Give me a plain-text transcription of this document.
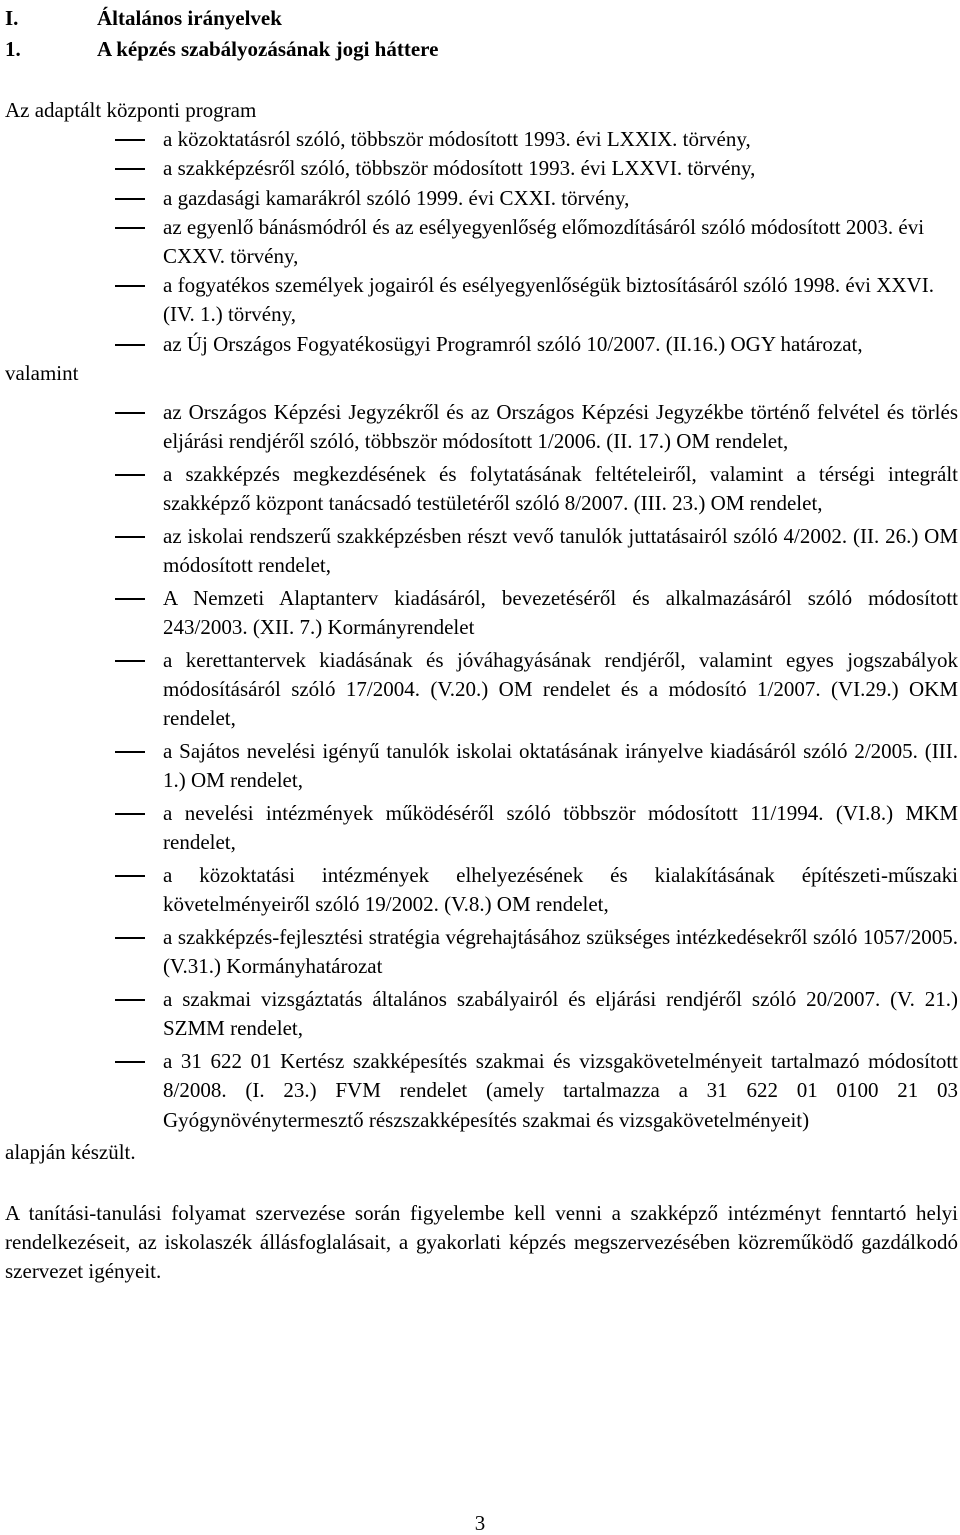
I.	Általános irányelvek
1.	A képzés szabályozásának jogi háttere

Az adaptált központi program

a közoktatásról szóló, többször módosított 1993. évi LXXIX. törvény,
a szakképzésről szóló, többször módosított 1993. évi LXXVI. törvény,
a gazdasági kamarákról szóló 1999. évi CXXI. törvény,
az egyenlő bánásmódról és az esélyegyenlőség előmozdításáról szóló módosított 2003. évi CXXV. törvény,
a fogyatékos személyek jogairól és esélyegyenlőségük biztosításáról szóló 1998. évi XXVI. (IV. 1.) törvény,
az Új Országos Fogyatékosügyi Programról szóló 10/2007. (II.16.) OGY határozat,

valamint

az Országos Képzési Jegyzékről és az Országos Képzési Jegyzékbe történő felvétel és törlés eljárási rendjéről szóló, többször módosított 1/2006. (II. 17.) OM rendelet,
a szakképzés megkezdésének és folytatásának feltételeiről, valamint a térségi integrált szakképző központ tanácsadó testületéről szóló 8/2007. (III. 23.) OM rendelet,
az iskolai rendszerű szakképzésben részt vevő tanulók juttatásairól szóló 4/2002. (II. 26.) OM módosított rendelet,
A Nemzeti Alaptanterv kiadásáról, bevezetéséről és alkalmazásáról szóló módosított 243/2003. (XII. 7.) Kormányrendelet
a kerettantervek kiadásának és jóváhagyásának rendjéről, valamint egyes jogszabályok módosításáról szóló 17/2004. (V.20.) OM rendelet és a módosító 1/2007. (VI.29.) OKM rendelet,
a Sajátos nevelési igényű tanulók iskolai oktatásának irányelve kiadásáról szóló 2/2005. (III. 1.) OM rendelet,
a nevelési intézmények működéséről szóló többször módosított 11/1994. (VI.8.) MKM rendelet,
a közoktatási intézmények elhelyezésének és kialakításának építészeti-műszaki követelményeiről szóló 19/2002. (V.8.) OM rendelet,
a szakképzés-fejlesztési stratégia végrehajtásához szükséges intézkedésekről szóló 1057/2005.(V.31.) Kormányhatározat
a szakmai vizsgáztatás általános szabályairól és eljárási rendjéről szóló 20/2007. (V. 21.) SZMM rendelet,
a 31 622 01 Kertész szakképesítés szakmai és vizsgakövetelményeit tartalmazó módosított 8/2008. (I. 23.) FVM rendelet (amely tartalmazza a 31 622 01 0100 21 03 Gyógynövénytermesztő részszakképesítés szakmai és vizsgakövetelményeit)

alapján készült.

A tanítási-tanulási folyamat szervezése során figyelembe kell venni a szakképző intézményt fenntartó helyi rendelkezéseit, az iskolaszék állásfoglalásait, a gyakorlati képzés megszervezésében közreműködő gazdálkodó szervezet igényeit.

3
